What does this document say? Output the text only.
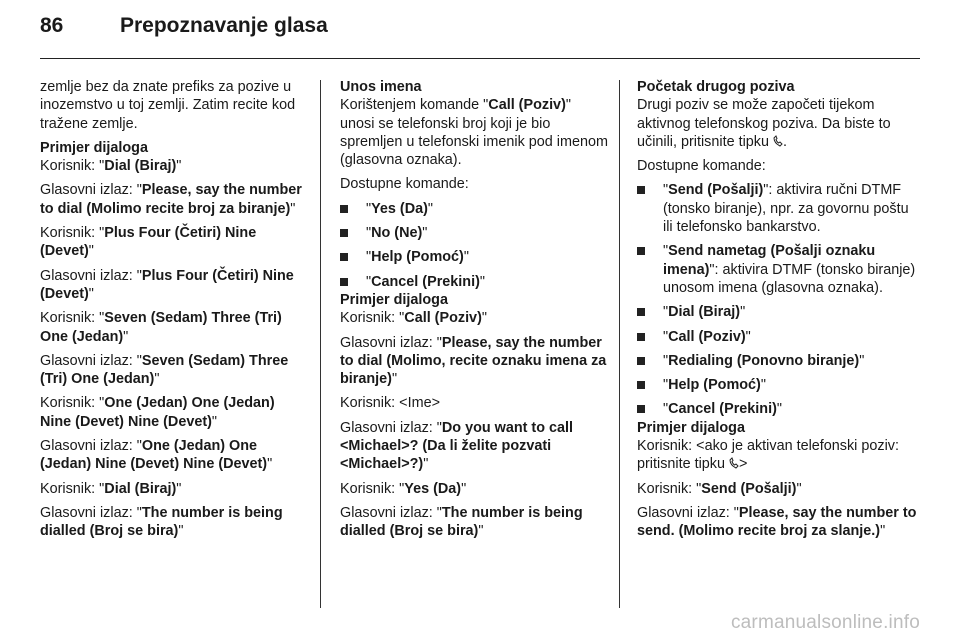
86	Prepoznavanje glasa

zemlje bez da znate prefiks za pozive u inozemstvo u toj zemlji. Zatim recite kod tražene zemlje.

Primjer dijaloga

Korisnik: "Dial (Biraj)"

Glasovni izlaz: "Please, say the number to dial (Molimo recite broj za biranje)"

Korisnik: "Plus Four (Četiri) Nine (Devet)"

Glasovni izlaz: "Plus Four (Četiri) Nine (Devet)"

Korisnik: "Seven (Sedam) Three (Tri) One (Jedan)"

Glasovni izlaz: "Seven (Sedam) Three (Tri) One (Jedan)"

Korisnik: "One (Jedan) One (Jedan) Nine (Devet) Nine (Devet)"

Glasovni izlaz: "One (Jedan) One (Jedan) Nine (Devet) Nine (Devet)"

Korisnik: "Dial (Biraj)"

Glasovni izlaz: "The number is being dialled (Broj se bira)"

Unos imena

Korištenjem komande "Call (Poziv)" unosi se telefonski broj koji je bio spremljen u telefonski imenik pod imenom (glasovna oznaka).

Dostupne komande:

"Yes (Da)"
"No (Ne)"
"Help (Pomoć)"
"Cancel (Prekini)"

Primjer dijaloga

Korisnik: "Call (Poziv)"

Glasovni izlaz: "Please, say the number to dial (Molimo, recite oznaku imena za biranje)"

Korisnik: <Ime>

Glasovni izlaz: "Do you want to call <Michael>? (Da li želite pozvati <Michael>?)"

Korisnik: "Yes (Da)"

Glasovni izlaz: "The number is being dialled (Broj se bira)"

Početak drugog poziva

Drugi poziv se može započeti tijekom aktivnog telefonskog poziva. Da biste to učinili, pritisnite tipku .

Dostupne komande:

"Send (Pošalji)": aktivira ručni DTMF (tonsko biranje), npr. za govornu poštu ili telefonsko bankarstvo.
"Send nametag (Pošalji oznaku imena)": aktivira DTMF (tonsko biranje) unosom imena (glasovna oznaka).
"Dial (Biraj)"
"Call (Poziv)"
"Redialing (Ponovno biranje)"
"Help (Pomoć)"
"Cancel (Prekini)"

Primjer dijaloga

Korisnik: <ako je aktivan telefonski poziv: pritisnite tipku >

Korisnik: "Send (Pošalji)"

Glasovni izlaz: "Please, say the number to send. (Molimo recite broj za slanje.)"

carmanualsonline.info
